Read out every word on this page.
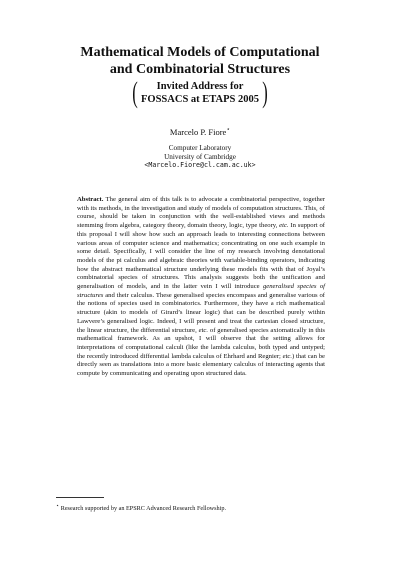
Mathematical Models of Computational

and Combinatorial Structures

(	Invited Address for
FOSSACS at ETAPS 2005 )
Marcelo P. Fiore⋆
Computer Laboratory
University of Cambridge
<Marcelo.Fiore@cl.cam.ac.uk>
Abstract. The general aim of this talk is to advocate a combinatorial perspective, together with its methods, in the investigation and study of models of computation structures. This, of course, should be taken in conjunction with the well-established views and methods stemming from algebra, category theory, domain theory, logic, type theory, etc. In support of this proposal I will show how such an approach leads to interesting connections between various areas of computer science and mathematics; concentrating on one such example in some detail. Specifically, I will consider the line of my research involving denotational models of the pi calculus and algebraic theories with variable-binding operators, indicating how the abstract mathematical structure underlying these models fits with that of Joyal’s combinatorial species of structures. This analysis suggests both the unification and generalisation of models, and in the latter vein I will introduce generalised species of structures and their calculus. These generalised species encompass and generalise various of the notions of species used in combinatorics. Furthermore, they have a rich mathematical structure (akin to models of Girard’s linear logic) that can be described purely within Lawvere’s generalised logic. Indeed, I will present and treat the cartesian closed structure, the linear structure, the differential structure, etc. of generalised species axiomatically in this mathematical framework. As an upshot, I will observe that the setting allows for interpretations of computational calculi (like the lambda calculus, both typed and untyped; the recently introduced differential lambda calculus of Ehrhard and Regnier; etc.) that can be directly seen as translations into a more basic elementary calculus of interacting agents that compute by communicating and operating upon structured data.
⋆ Research supported by an EPSRC Advanced Research Fellowship.
